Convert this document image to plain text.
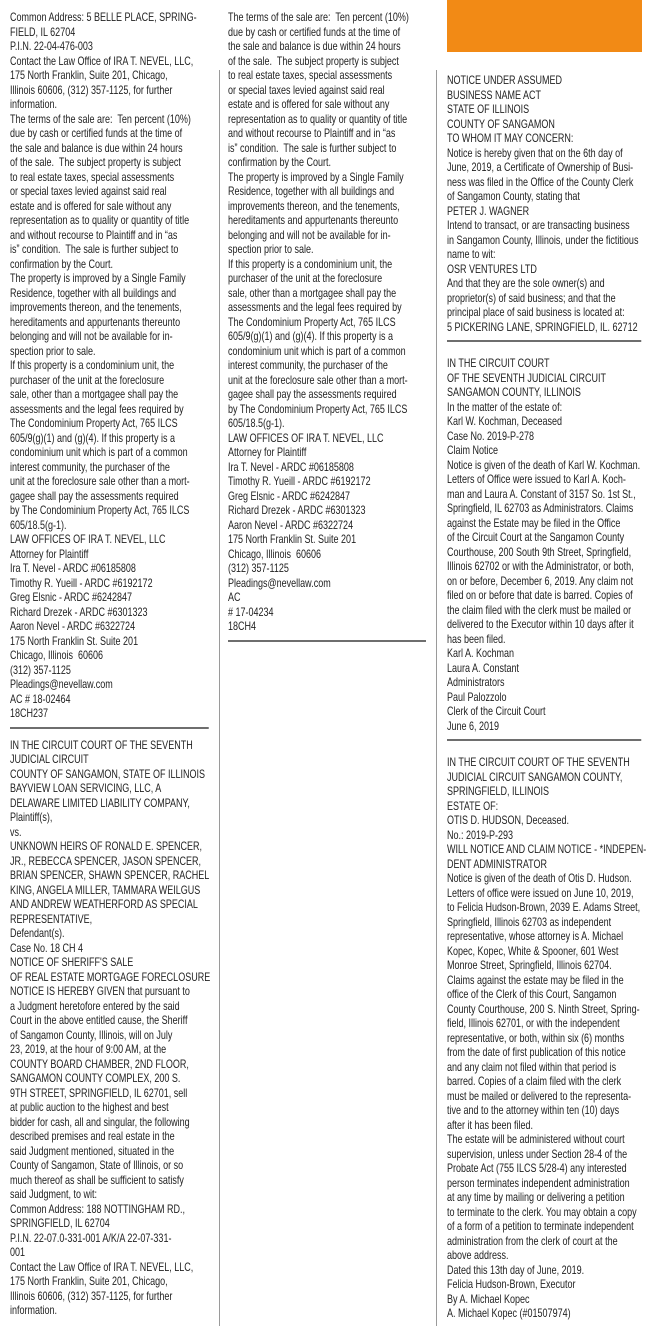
Common Address: 5 BELLE PLACE, SPRING-
FIELD, IL 62704
P.I.N. 22-04-476-003
Contact the Law Office of IRA T. NEVEL, LLC,
175 North Franklin, Suite 201, Chicago,
Illinois 60606, (312) 357-1125, for further
information.
The terms of the sale are:  Ten percent (10%)
due by cash or certified funds at the time of
the sale and balance is due within 24 hours
of the sale.  The subject property is subject
to real estate taxes, special assessments
or special taxes levied against said real
estate and is offered for sale without any
representation as to quality or quantity of title
and without recourse to Plaintiff and in “as
is” condition.  The sale is further subject to
confirmation by the Court.
The property is improved by a Single Family
Residence, together with all buildings and
improvements thereon, and the tenements,
hereditaments and appurtenants thereunto
belonging and will not be available for in-
spection prior to sale.
If this property is a condominium unit, the
purchaser of the unit at the foreclosure
sale, other than a mortgagee shall pay the
assessments and the legal fees required by
The Condominium Property Act, 765 ILCS
605/9(g)(1) and (g)(4). If this property is a
condominium unit which is part of a common
interest community, the purchaser of the
unit at the foreclosure sale other than a mort-
gagee shall pay the assessments required
by The Condominium Property Act, 765 ILCS
605/18.5(g-1).
LAW OFFICES OF IRA T. NEVEL, LLC
Attorney for Plaintiff
Ira T. Nevel - ARDC #06185808
Timothy R. Yueill - ARDC #6192172
Greg Elsnic - ARDC #6242847
Richard Drezek - ARDC #6301323
Aaron Nevel - ARDC #6322724
175 North Franklin St. Suite 201
Chicago, Illinois  60606
(312) 357-1125
Pleadings@nevellaw.com
AC # 18-02464
18CH237
IN THE CIRCUIT COURT OF THE SEVENTH
JUDICIAL CIRCUIT
COUNTY OF SANGAMON, STATE OF ILLINOIS
BAYVIEW LOAN SERVICING, LLC, A
DELAWARE LIMITED LIABILITY COMPANY,
Plaintiff(s),
vs.
UNKNOWN HEIRS OF RONALD E. SPENCER,
JR., REBECCA SPENCER, JASON SPENCER,
BRIAN SPENCER, SHAWN SPENCER, RACHEL
KING, ANGELA MILLER, TAMMARA WEILGUS
AND ANDREW WEATHERFORD AS SPECIAL
REPRESENTATIVE,
Defendant(s).
Case No. 18 CH 4
NOTICE OF SHERIFF'S SALE
OF REAL ESTATE MORTGAGE FORECLOSURE
NOTICE IS HEREBY GIVEN that pursuant to
a Judgment heretofore entered by the said
Court in the above entitled cause, the Sheriff
of Sangamon County, Illinois, will on July
23, 2019, at the hour of 9:00 AM, at the
COUNTY BOARD CHAMBER, 2ND FLOOR,
SANGAMON COUNTY COMPLEX, 200 S.
9TH STREET, SPRINGFIELD, IL 62701, sell
at public auction to the highest and best
bidder for cash, all and singular, the following
described premises and real estate in the
said Judgment mentioned, situated in the
County of Sangamon, State of Illinois, or so
much thereof as shall be sufficient to satisfy
said Judgment, to wit:
Common Address: 188 NOTTINGHAM RD.,
SPRINGFIELD, IL 62704
P.I.N. 22-07.0-331-001 A/K/A 22-07-331-
001
Contact the Law Office of IRA T. NEVEL, LLC,
175 North Franklin, Suite 201, Chicago,
Illinois 60606, (312) 357-1125, for further
information.
The terms of the sale are:  Ten percent (10%)
due by cash or certified funds at the time of
the sale and balance is due within 24 hours
of the sale.  The subject property is subject
to real estate taxes, special assessments
or special taxes levied against said real
estate and is offered for sale without any
representation as to quality or quantity of title
and without recourse to Plaintiff and in “as
is” condition.  The sale is further subject to
confirmation by the Court.
The property is improved by a Single Family
Residence, together with all buildings and
improvements thereon, and the tenements,
hereditaments and appurtenants thereunto
belonging and will not be available for in-
spection prior to sale.
If this property is a condominium unit, the
purchaser of the unit at the foreclosure
sale, other than a mortgagee shall pay the
assessments and the legal fees required by
The Condominium Property Act, 765 ILCS
605/9(g)(1) and (g)(4). If this property is a
condominium unit which is part of a common
interest community, the purchaser of the
unit at the foreclosure sale other than a mort-
gagee shall pay the assessments required
by The Condominium Property Act, 765 ILCS
605/18.5(g-1).
LAW OFFICES OF IRA T. NEVEL, LLC
Attorney for Plaintiff
Ira T. Nevel - ARDC #06185808
Timothy R. Yueill - ARDC #6192172
Greg Elsnic - ARDC #6242847
Richard Drezek - ARDC #6301323
Aaron Nevel - ARDC #6322724
175 North Franklin St. Suite 201
Chicago, Illinois  60606
(312) 357-1125
Pleadings@nevellaw.com
AC
# 17-04234
18CH4
NOTICE UNDER ASSUMED
BUSINESS NAME ACT
STATE OF ILLINOIS
COUNTY OF SANGAMON
TO WHOM IT MAY CONCERN:
Notice is hereby given that on the 6th day of
June, 2019, a Certificate of Ownership of Busi-
ness was filed in the Office of the County Clerk
of Sangamon County, stating that
PETER J. WAGNER
Intend to transact, or are transacting business
in Sangamon County, Illinois, under the fictitious
name to wit:
OSR VENTURES LTD
And that they are the sole owner(s) and
proprietor(s) of said business; and that the
principal place of said business is located at:
5 PICKERING LANE, SPRINGFIELD, IL. 62712
IN THE CIRCUIT COURT
OF THE SEVENTH JUDICIAL CIRCUIT
SANGAMON COUNTY, ILLINOIS
In the matter of the estate of:
Karl W. Kochman, Deceased
Case No. 2019-P-278
Claim Notice
Notice is given of the death of Karl W. Kochman.
Letters of Office were issued to Karl A. Koch-
man and Laura A. Constant of 3157 So. 1st St.,
Springfield, IL 62703 as Administrators. Claims
against the Estate may be filed in the Office
of the Circuit Court at the Sangamon County
Courthouse, 200 South 9th Street, Springfield,
Illinois 62702 or with the Administrator, or both,
on or before, December 6, 2019. Any claim not
filed on or before that date is barred. Copies of
the claim filed with the clerk must be mailed or
delivered to the Executor within 10 days after it
has been filed.
Karl A. Kochman
Laura A. Constant
Administrators
Paul Palozzolo
Clerk of the Circuit Court
June 6, 2019
IN THE CIRCUIT COURT OF THE SEVENTH
JUDICIAL CIRCUIT SANGAMON COUNTY,
SPRINGFIELD, ILLINOIS
ESTATE OF:
OTIS D. HUDSON, Deceased.
No.: 2019-P-293
WILL NOTICE AND CLAIM NOTICE - *INDEPEN-
DENT ADMINISTRATOR
Notice is given of the death of Otis D. Hudson.
Letters of office were issued on June 10, 2019,
to Felicia Hudson-Brown, 2039 E. Adams Street,
Springfield, Illinois 62703 as independent
representative, whose attorney is A. Michael
Kopec, Kopec, White & Spooner, 601 West
Monroe Street, Springfield, Illinois 62704.
Claims against the estate may be filed in the
office of the Clerk of this Court, Sangamon
County Courthouse, 200 S. Ninth Street, Spring-
field, Illinois 62701, or with the independent
representative, or both, within six (6) months
from the date of first publication of this notice
and any claim not filed within that period is
barred. Copies of a claim filed with the clerk
must be mailed or delivered to the representa-
tive and to the attorney within ten (10) days
after it has been filed.
The estate will be administered without court
supervision, unless under Section 28-4 of the
Probate Act (755 ILCS 5/28-4) any interested
person terminates independent administration
at any time by mailing or delivering a petition
to terminate to the clerk. You may obtain a copy
of a form of a petition to terminate independent
administration from the clerk of court at the
above address.
Dated this 13th day of June, 2019.
Felicia Hudson-Brown, Executor
By A. Michael Kopec
A. Michael Kopec (#01507974)
